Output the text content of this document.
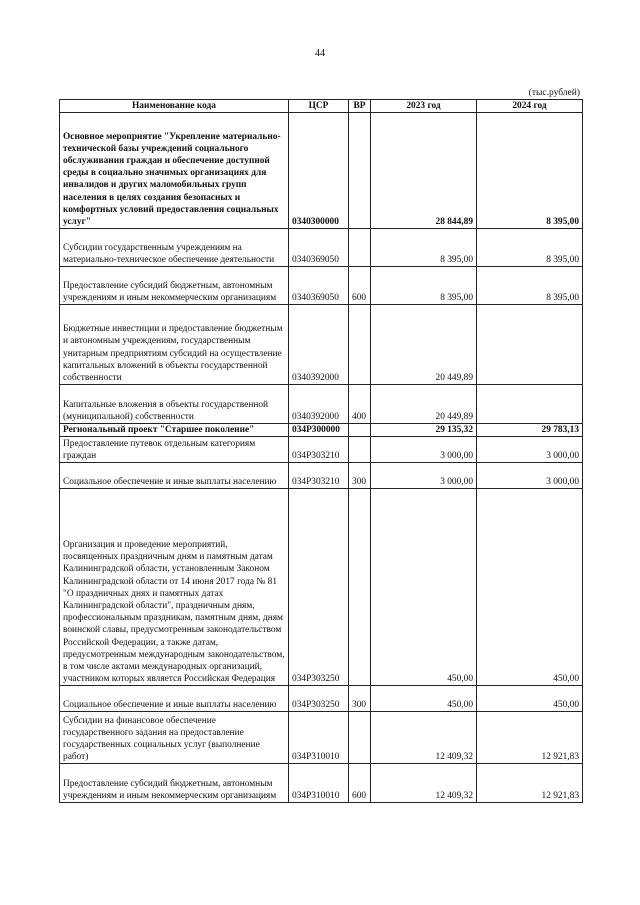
44
(тыс.рублей)
Наименование кода	ЦСР	ВР	2023 год	2024 год
Основное мероприятие "Укрепление материально-технической базы учреждений социального обслуживания граждан и обеспечение доступной среды в социально значимых организациях для инвалидов и других маломобильных групп населения в целях создания безопасных и комфортных условий предоставления социальных услуг"	0340300000		28 844,89	8 395,00
Субсидии государственным учреждениям на материально-техническое обеспечение деятельности	0340369050		8 395,00	8 395,00
Предоставление субсидий бюджетным, автономным учреждениям и иным некоммерческим организациям	0340369050	600	8 395,00	8 395,00
Бюджетные инвестиции и предоставление бюджетным и автономным учреждениям, государственным унитарным предприятиям субсидий на осуществление капитальных вложений в объекты государственной собственности	0340392000		20 449,89	
Капитальные вложения в объекты государственной (муниципальной) собственности	0340392000	400	20 449,89	
Региональный проект "Старшее поколение"	034P300000		29 135,32	29 783,13
Предоставление путевок отдельным категориям граждан	034P303210		3 000,00	3 000,00
Социальное обеспечение и иные выплаты населению	034P303210	300	3 000,00	3 000,00
Организация и проведение мероприятий, посвященных праздничным дням и памятным датам Калининградской области, установленным Законом Калининградской области от 14 июня 2017 года № 81 "О праздничных днях и памятных датах Калининградской области", праздничным дням, профессиональным праздникам, памятным дням, дням воинской славы, предусмотренным законодательством Российской Федерации, а также датам, предусмотренным международным законодательством, в том числе актами международных организаций, участником которых является Российская Федерация	034P303250		450,00	450,00
Социальное обеспечение и иные выплаты населению	034P303250	300	450,00	450,00
Субсидии на финансовое обеспечение государственного задания на предоставление государственных социальных услуг (выполнение работ)	034P310010		12 409,32	12 921,83
Предоставление субсидий бюджетным, автономным учреждениям и иным некоммерческим организациям	034P310010	600	12 409,32	12 921,83
